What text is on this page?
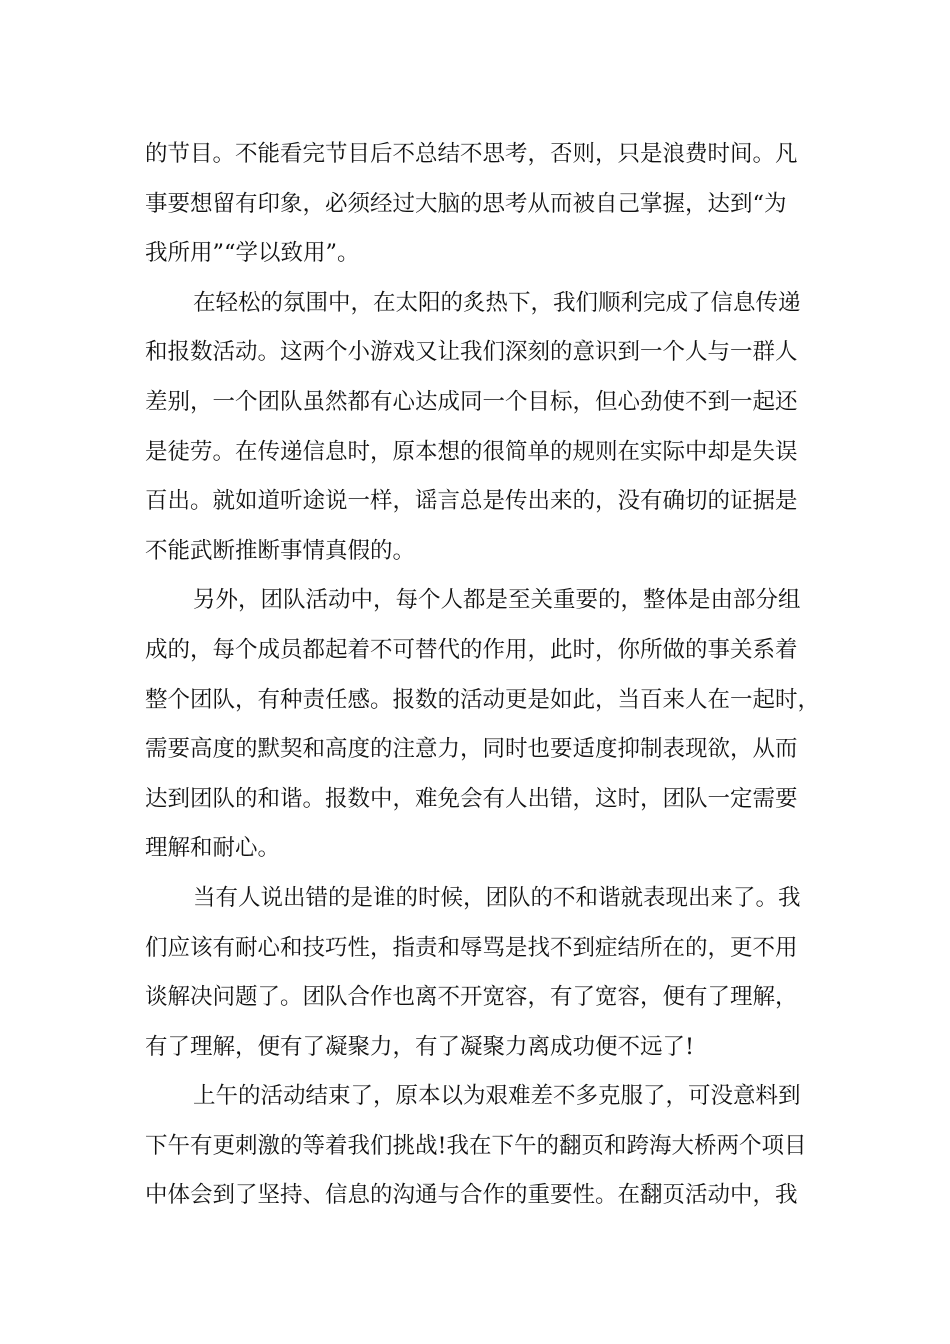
的节目。不能看完节目后不总结不思考，否则，只是浪费时间。凡
事要想留有印象，必须经过大脑的思考从而被自己掌握，达到“为
我所用”“学以致用”。
在轻松的氛围中，在太阳的炙热下，我们顺利完成了信息传递
和报数活动。这两个小游戏又让我们深刻的意识到一个人与一群人
差别，一个团队虽然都有心达成同一个目标，但心劲使不到一起还
是徒劳。在传递信息时，原本想的很简单的规则在实际中却是失误
百出。就如道听途说一样，谣言总是传出来的，没有确切的证据是
不能武断推断事情真假的。
另外，团队活动中，每个人都是至关重要的，整体是由部分组
成的，每个成员都起着不可替代的作用，此时，你所做的事关系着
整个团队，有种责任感。报数的活动更是如此，当百来人在一起时，
需要高度的默契和高度的注意力，同时也要适度抑制表现欲，从而
达到团队的和谐。报数中，难免会有人出错，这时，团队一定需要
理解和耐心。
当有人说出错的是谁的时候，团队的不和谐就表现出来了。我
们应该有耐心和技巧性，指责和辱骂是找不到症结所在的，更不用
谈解决问题了。团队合作也离不开宽容，有了宽容，便有了理解，
有了理解，便有了凝聚力，有了凝聚力离成功便不远了!
上午的活动结束了，原本以为艰难差不多克服了，可没意料到
下午有更刺激的等着我们挑战!我在下午的翻页和跨海大桥两个项目
中体会到了坚持、信息的沟通与合作的重要性。在翻页活动中，我
